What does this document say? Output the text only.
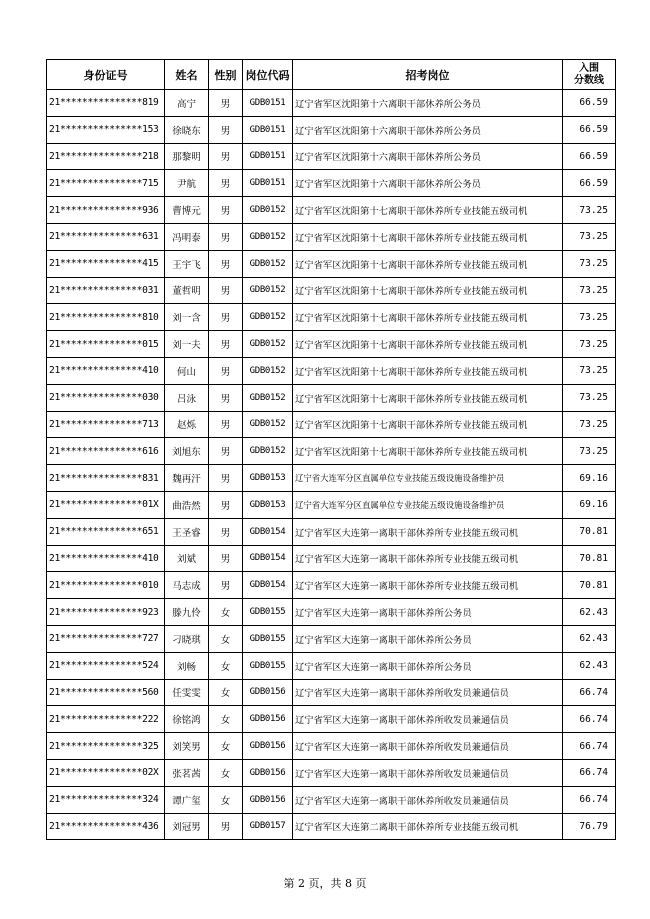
身份证号	姓名	性别	岗位代码	招考岗位	入围
分数线

21***************819	高宁	男	GDB0151	辽宁省军区沈阳第十六离职干部休养所公务员	66.59
21***************153	徐晓东	男	GDB0151	辽宁省军区沈阳第十六离职干部休养所公务员	66.59
21***************218	那黎明	男	GDB0151	辽宁省军区沈阳第十六离职干部休养所公务员	66.59
21***************715	尹航	男	GDB0151	辽宁省军区沈阳第十六离职干部休养所公务员	66.59
21***************936	曹博元	男	GDB0152	辽宁省军区沈阳第十七离职干部休养所专业技能五级司机	73.25
21***************631	冯明泰	男	GDB0152	辽宁省军区沈阳第十七离职干部休养所专业技能五级司机	73.25
21***************415	王宇飞	男	GDB0152	辽宁省军区沈阳第十七离职干部休养所专业技能五级司机	73.25
21***************031	董哲明	男	GDB0152	辽宁省军区沈阳第十七离职干部休养所专业技能五级司机	73.25
21***************810	刘一含	男	GDB0152	辽宁省军区沈阳第十七离职干部休养所专业技能五级司机	73.25
21***************015	刘一夫	男	GDB0152	辽宁省军区沈阳第十七离职干部休养所专业技能五级司机	73.25
21***************410	何山	男	GDB0152	辽宁省军区沈阳第十七离职干部休养所专业技能五级司机	73.25
21***************030	吕泳	男	GDB0152	辽宁省军区沈阳第十七离职干部休养所专业技能五级司机	73.25
21***************713	赵烁	男	GDB0152	辽宁省军区沈阳第十七离职干部休养所专业技能五级司机	73.25
21***************616	刘旭东	男	GDB0152	辽宁省军区沈阳第十七离职干部休养所专业技能五级司机	73.25
21***************831	魏再汗	男	GDB0153	辽宁省大连军分区直属单位专业技能五级设施设备维护员	69.16
21***************01X	曲浩然	男	GDB0153	辽宁省大连军分区直属单位专业技能五级设施设备维护员	69.16
21***************651	王圣睿	男	GDB0154	辽宁省军区大连第一离职干部休养所专业技能五级司机	70.81
21***************410	刘斌	男	GDB0154	辽宁省军区大连第一离职干部休养所专业技能五级司机	70.81
21***************010	马志成	男	GDB0154	辽宁省军区大连第一离职干部休养所专业技能五级司机	70.81
21***************923	滕九伶	女	GDB0155	辽宁省军区大连第一离职干部休养所公务员	62.43
21***************727	刁晓琪	女	GDB0155	辽宁省军区大连第一离职干部休养所公务员	62.43
21***************524	刘畅	女	GDB0155	辽宁省军区大连第一离职干部休养所公务员	62.43
21***************560	任雯雯	女	GDB0156	辽宁省军区大连第一离职干部休养所收发员兼通信员	66.74
21***************222	徐铭鸿	女	GDB0156	辽宁省军区大连第一离职干部休养所收发员兼通信员	66.74
21***************325	刘笑男	女	GDB0156	辽宁省军区大连第一离职干部休养所收发员兼通信员	66.74
21***************02X	张茗茜	女	GDB0156	辽宁省军区大连第一离职干部休养所收发员兼通信员	66.74
21***************324	谭广玺	女	GDB0156	辽宁省军区大连第一离职干部休养所收发员兼通信员	66.74
21***************436	刘冠男	男	GDB0157	辽宁省军区大连第二离职干部休养所专业技能五级司机	76.79
第 2 页，共 8 页
